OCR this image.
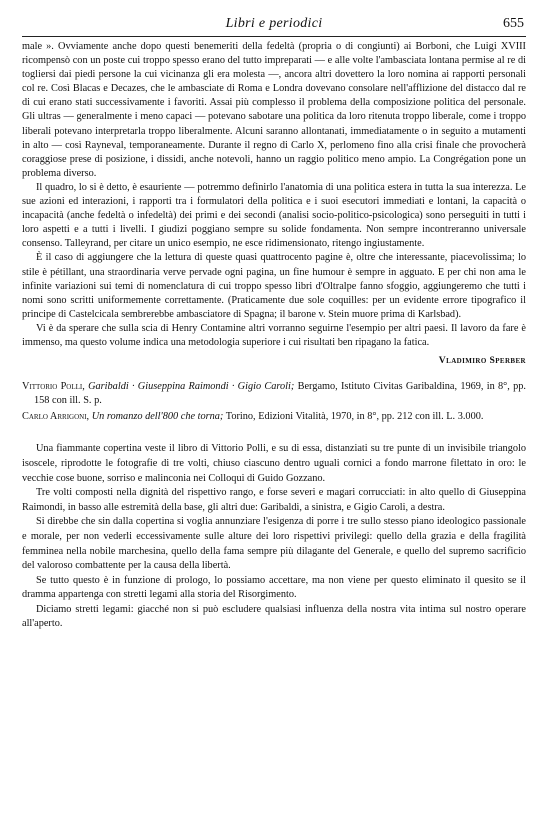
Libri e periodici	655

male ». Ovviamente anche dopo questi benemeriti della fedeltà (propria o di congiunti) ai Borboni, che Luigi XVIII ricompensò con un poste cui troppo spesso erano del tutto impreparati — e alle volte l'ambasciata lontana permise al re di togliersi dai piedi persone la cui vicinanza gli era molesta —, ancora altri dovettero la loro nomina ai rapporti personali col re. Così Blacas e Decazes, che le ambasciate di Roma e Londra dovevano consolare nell'afflizione del distacco dal re di cui erano stati successivamente i favoriti. Assai più complesso il problema della composizione politica del personale. Gli ultras — generalmente i meno capaci — potevano sabotare una politica da loro ritenuta troppo liberale, come i troppo liberali potevano interpretarla troppo liberalmente. Alcuni saranno allontanati, immediatamente o in seguito a mutamenti in alto — così Rayneval, temporaneamente. Durante il regno di Carlo X, perlomeno fino alla crisi finale che provocherà coraggiose prese di posizione, i dissidi, anche notevoli, hanno un raggio politico meno ampio. La Congrégation pone un problema diverso.

Il quadro, lo si è detto, è esauriente — potremmo definirlo l'anatomia di una politica estera in tutta la sua interezza. Le sue azioni ed interazioni, i rapporti tra i formulatori della politica e i suoi esecutori immediati e lontani, la capacità o incapacità (anche fedeltà o infedeltà) dei primi e dei secondi (analisi socio-politico-psicologica) sono perseguiti in tutti i loro aspetti e a tutti i livelli. I giudizi poggiano sempre su solide fondamenta. Non sempre incontreranno universale consenso. Talleyrand, per citare un unico esempio, ne esce ridimensionato, ritengo ingiustamente.

È il caso di aggiungere che la lettura di queste quasi quattrocento pagine è, oltre che interessante, piacevolissima; lo stile è pétillant, una straordinaria verve pervade ogni pagina, un fine humour è sempre in agguato. E per chi non ama le infinite variazioni sui temi di nomenclatura di cui troppo spesso libri d'Oltralpe fanno sfoggio, aggiungeremo che tutti i nomi sono scritti uniformemente correttamente. (Praticamente due sole coquilles: per un evidente errore tipografico il principe di Castelcicala sembrerebbe ambasciatore di Spagna; il barone v. Stein muore prima di Karlsbad).

Vi è da sperare che sulla scia di Henry Contamine altri vorranno seguirne l'esempio per altri paesi. Il lavoro da fare è immenso, ma questo volume indica una metodologia superiore i cui risultati ben ripagano la fatica.

Vladimiro Sperber

Vittorio Polli, Garibaldi · Giuseppina Raimondi · Gigio Caroli; Bergamo, Istituto Civitas Garibaldina, 1969, in 8°, pp. 158 con ill. S. p.

Carlo Arrigoni, Un romanzo dell'800 che torna; Torino, Edizioni Vitalità, 1970, in 8°, pp. 212 con ill. L. 3.000.

Una fiammante copertina veste il libro di Vittorio Polli, e su di essa, distanziati su tre punte di un invisibile triangolo isoscele, riprodotte le fotografie di tre volti, chiuso ciascuno dentro uguali cornici a fondo marrone filettato in oro: le vecchie cose buone, sorriso e malinconia nei Colloqui di Guido Gozzano.

Tre volti composti nella dignità del rispettivo rango, e forse severi e magari corrucciati: in alto quello di Giuseppina Raimondi, in basso alle estremità della base, gli altri due: Garibaldi, a sinistra, e Gigio Caroli, a destra.

Si direbbe che sin dalla copertina si voglia annunziare l'esigenza di porre i tre sullo stesso piano ideologico passionale e morale, per non vederli eccessivamente sulle alture dei loro rispettivi privilegi: quello della grazia e della fragilità femminea nella nobile marchesina, quello della fama sempre più dilagante del Generale, e quello del supremo sacrificio del valoroso combattente per la causa della libertà.

Se tutto questo è in funzione di prologo, lo possiamo accettare, ma non viene per questo eliminato il quesito se il dramma appartenga con stretti legami alla storia del Risorgimento.

Diciamo stretti legami: giacché non si può escludere qualsiasi influenza della nostra vita intima sul nostro operare all'aperto.
